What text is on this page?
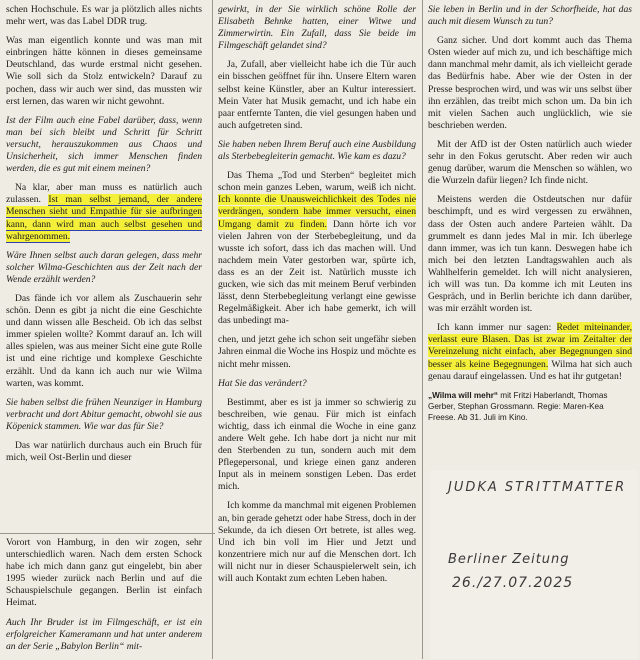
schen Hochschule. Es war ja plötzlich alles nichts mehr wert, was das Label DDR trug.

Was man eigentlich konnte und was man mit einbringen hätte können in dieses gemeinsame Deutschland, das wurde erstmal nicht gesehen. Wie soll sich da Stolz entwickeln? Darauf zu pochen, dass wir auch wer sind, das mussten wir erst lernen, das waren wir nicht gewohnt.

Ist der Film auch eine Fabel darüber, dass, wenn man bei sich bleibt und Schritt für Schritt versucht, herauszukommen aus Chaos und Unsicherheit, sich immer Menschen finden werden, die es gut mit einem meinen?

Na klar, aber man muss es natürlich auch zulassen. Ist man selbst jemand, der andere Menschen sieht und Empathie für sie aufbringen kann, dann wird man auch selbst gesehen und wahrgenommen.

Wäre Ihnen selbst auch daran gelegen, dass mehr solcher Wilma-Geschichten aus der Zeit nach der Wende erzählt werden?

Das fände ich vor allem als Zuschauerin sehr schön. Denn es gibt ja nicht die eine Geschichte und dann wissen alle Bescheid. Ob ich das selbst immer spielen wollte? Kommt darauf an. Ich will alles spielen, was aus meiner Sicht eine gute Rolle ist und eine richtige und komplexe Geschichte erzählt. Und da kann ich auch nur wie Wilma warten, was kommt.

Sie haben selbst die frühen Neunziger in Hamburg verbracht und dort Abitur gemacht, obwohl sie aus Köpenick stammen. Wie war das für Sie?

Das war natürlich durchaus auch ein Bruch für mich, weil Ost-Berlin und dieser

Vorort von Hamburg, in den wir zogen, sehr unterschiedlich waren. Nach dem ersten Schock habe ich mich dann ganz gut eingelebt, bin aber 1995 wieder zurück nach Berlin und auf die Schauspielschule gegangen. Berlin ist einfach Heimat.

Auch Ihr Bruder ist im Filmgeschäft, er ist ein erfolgreicher Kameramann und hat unter anderem an der Serie „Babylon Berlin“ mit-

gewirkt, in der Sie wirklich schöne Rolle der Elisabeth Behnke hatten, einer Witwe und Zimmerwirtin. Ein Zufall, dass Sie beide im Filmgeschäft gelandet sind?

Ja, Zufall, aber vielleicht habe ich die Tür auch ein bisschen geöffnet für ihn. Unsere Eltern waren selbst keine Künstler, aber an Kultur interessiert. Mein Vater hat Musik gemacht, und ich habe ein paar entfernte Tanten, die viel gesungen haben und auch aufgetreten sind.

Sie haben neben Ihrem Beruf auch eine Ausbildung als Sterbebegleiterin gemacht. Wie kam es dazu?

Das Thema „Tod und Sterben“ begleitet mich schon mein ganzes Leben, warum, weiß ich nicht. Ich konnte die Unausweichlichkeit des Todes nie verdrängen, sondern habe immer versucht, einen Umgang damit zu finden. Dann hörte ich vor vielen Jahren von der Sterbebegleitung, und da wusste ich sofort, dass ich das machen will. Und nachdem mein Vater gestorben war, spürte ich, dass es an der Zeit ist. Natürlich musste ich gucken, wie sich das mit meinem Beruf verbinden lässt, denn Sterbebegleitung verlangt eine gewisse Regelmäßigkeit. Aber ich habe gemerkt, ich will das unbedingt ma-

chen, und jetzt gehe ich schon seit ungefähr sieben Jahren einmal die Woche ins Hospiz und möchte es nicht mehr missen.

Hat Sie das verändert?

Bestimmt, aber es ist ja immer so schwierig zu beschreiben, wie genau. Für mich ist einfach wichtig, dass ich einmal die Woche in eine ganz andere Welt gehe. Ich habe dort ja nicht nur mit den Sterbenden zu tun, sondern auch mit dem Pflegepersonal, und kriege einen ganz anderen Input als in meinem sonstigen Leben. Das erdet mich.

Ich komme da manchmal mit eigenen Problemen an, bin gerade gehetzt oder habe Stress, doch in der Sekunde, da ich diesen Ort betrete, ist alles weg. Und ich bin voll im Hier und Jetzt und konzentriere mich nur auf die Menschen dort. Ich will nicht nur in dieser Schauspielerwelt sein, ich will auch Kontakt zum echten Leben haben.

Sie leben in Berlin und in der Schorfheide, hat das auch mit diesem Wunsch zu tun?

Ganz sicher. Und dort kommt auch das Thema Osten wieder auf mich zu, und ich beschäftige mich dann manchmal mehr damit, als ich vielleicht gerade das Bedürfnis habe. Aber wie der Osten in der Presse besprochen wird, und was wir uns selbst über ihn erzählen, das treibt mich schon um. Da bin ich mit vielen Sachen auch unglücklich, wie sie beschrieben werden.

Mit der AfD ist der Osten natürlich auch wieder sehr in den Fokus gerutscht. Aber reden wir auch genug darüber, warum die Menschen so wählen, wo die Wurzeln dafür liegen? Ich finde nicht.

Meistens werden die Ostdeutschen nur dafür beschimpft, und es wird vergessen zu erwähnen, dass der Osten auch andere Parteien wählt. Da grummelt es dann jedes Mal in mir. Ich überlege dann immer, was ich tun kann. Deswegen habe ich mich bei den letzten Landtagswahlen auch als Wahlhelferin gemeldet. Ich will nicht analysieren, ich will was tun. Da komme ich mit Leuten ins Gespräch, und in Berlin berichte ich dann darüber, was mir erzählt worden ist.

Ich kann immer nur sagen: Redet miteinander, verlasst eure Blasen. Das ist zwar im Zeitalter der Vereinzelung nicht einfach, aber Begegnungen sind besser als keine Begegnungen. Wilma hat sich auch genau darauf eingelassen. Und es hat ihr gutgetan!

„Wilma will mehr“ mit Fritzi Haberlandt, Thomas Gerber, Stephan Grossmann. Regie: Maren-Kea Freese. Ab 31. Juli im Kino.

JUDKA STRITTMATTER
Berliner Zeitung
26./27.07.2025
